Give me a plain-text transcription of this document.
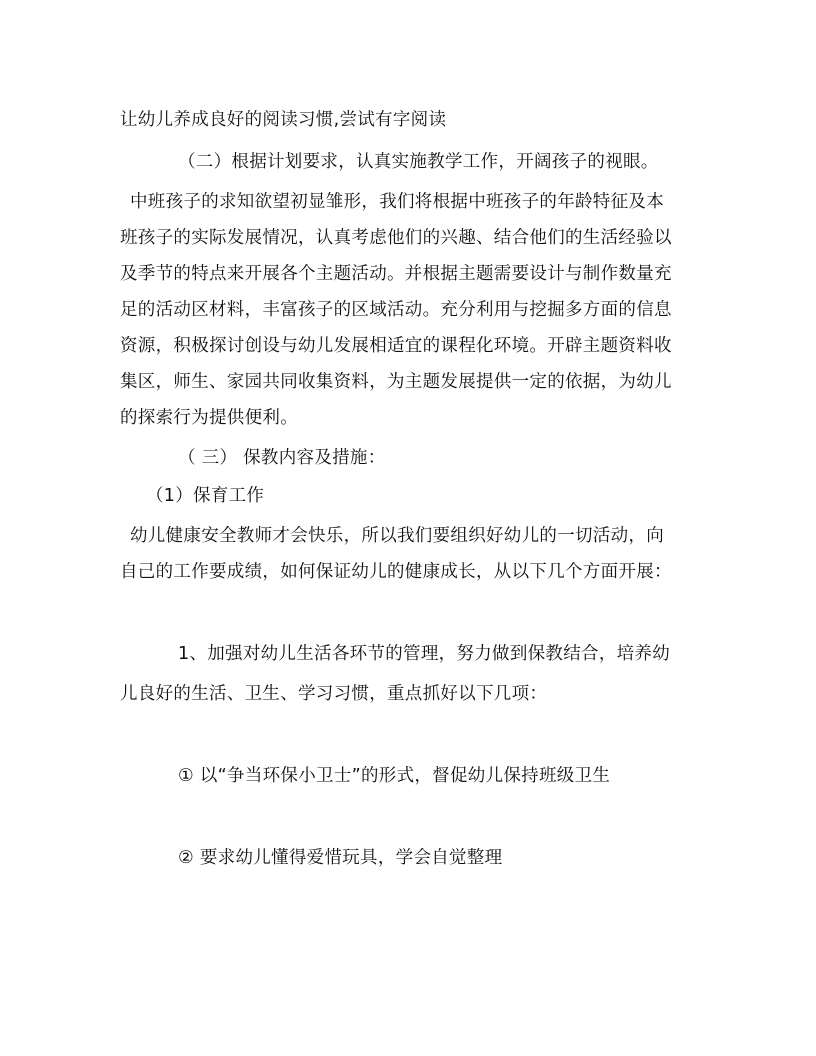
让幼儿养成良好的阅读习惯,尝试有字阅读
（二）根据计划要求，认真实施教学工作，开阔孩子的视眼。
中班孩子的求知欲望初显雏形，我们将根据中班孩子的年龄特征及本
班孩子的实际发展情况，认真考虑他们的兴趣、结合他们的生活经验以
及季节的特点来开展各个主题活动。并根据主题需要设计与制作数量充
足的活动区材料，丰富孩子的区域活动。充分利用与挖掘多方面的信息
资源，积极探讨创设与幼儿发展相适宜的课程化环境。开辟主题资料收
集区，师生、家园共同收集资料，为主题发展提供一定的依据，为幼儿
的探索行为提供便利。
（ 三） 保教内容及措施：
（1）保育工作
幼儿健康安全教师才会快乐，所以我们要组织好幼儿的一切活动，向
自己的工作要成绩，如何保证幼儿的健康成长，从以下几个方面开展：
1、加强对幼儿生活各环节的管理，努力做到保教结合，培养幼
儿良好的生活、卫生、学习习惯，重点抓好以下几项：
① 以“争当环保小卫士”的形式，督促幼儿保持班级卫生
② 要求幼儿懂得爱惜玩具，学会自觉整理
